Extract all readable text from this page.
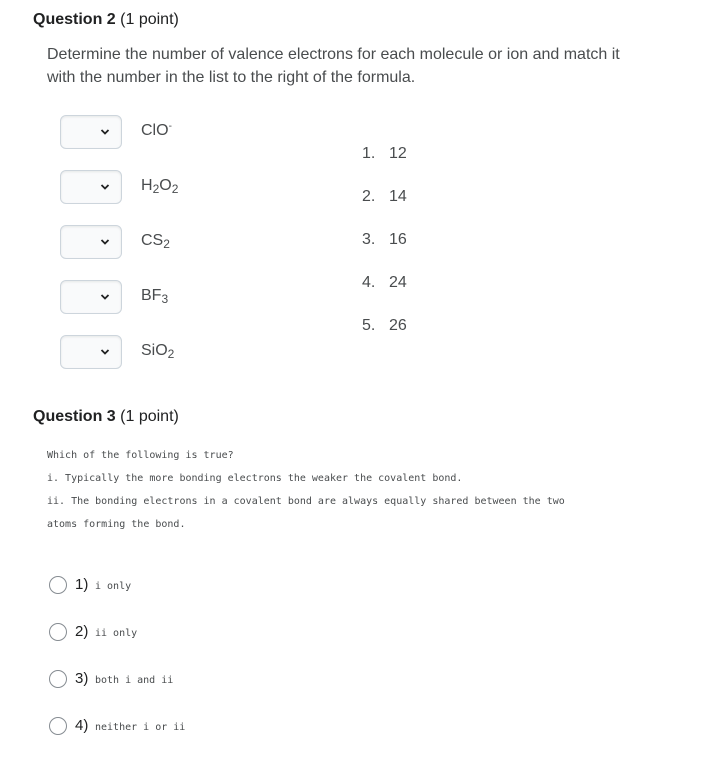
Question 2 (1 point)
Determine the number of valence electrons for each molecule or ion and match it with the number in the list to the right of the formula.
ClO-
$H_2O_2$
$CS_2$
$BF_3$
SiO$_2$
1. 12
2. 14
3. 16
4. 24
5. 26
Question 3 (1 point)
Which of the following is true?
i. Typically the more bonding electrons the weaker the covalent bond.
ii. The bonding electrons in a covalent bond are always equally shared between the two
atoms forming the bond.
1) i only
2) ii only
3) both i and ii
4) neither i or ii
